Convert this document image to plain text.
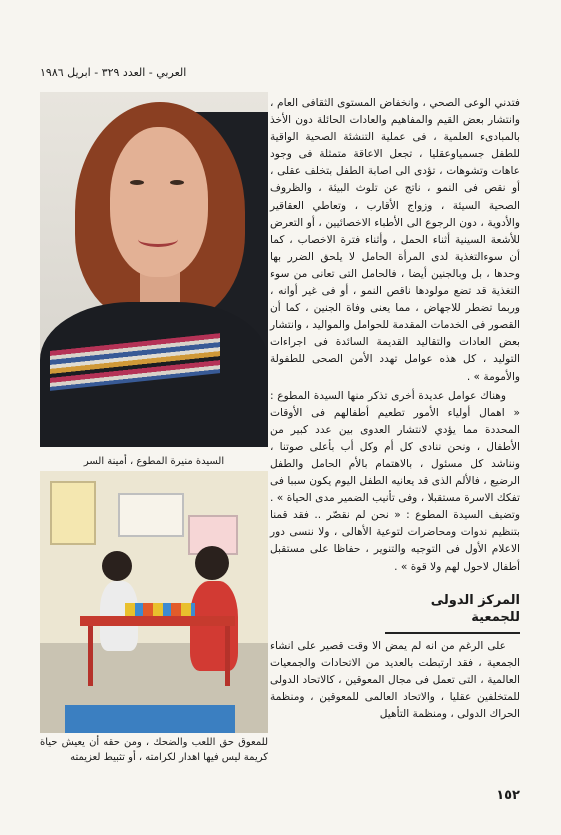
العربي - العدد ٣٢٩ - ابريل ١٩٨٦
السيدة منيرة المطوع ، أمينة السر
للمعوق حق اللعب والضحك ، ومن حقه أن يعيش حياة كريمة ليس فيها اهدار لكرامته ، أو تثبيط لعزيمته

فتدني الوعى الصحي ، وانخفاض المستوى الثقافى العام ، وانتشار بعض القيم والمفاهيم والعادات الحائلة دون الأخذ بالمبادىء العلمية ، فى عملية التنشئة الصحية الواقية للطفل جسمياوعقليا ، تجعل الاعاقة متمثلة فى وجود عاهات وتشوهات ، تؤدى الى اصابة الطفل بتخلف عقلى ، أو نقص فى النمو ، ناتج عن تلوث البيئة ، والظروف الصحية السيئة ، وزواج الأقارب ، وتعاطي العقاقير والأدوية ، دون الرجوع الى الأطباء الاخصائيين ، أو التعرض للأشعة السينية أثناء الحمل ، وأثناء فترة الاخصاب ، كما أن سوءالتغذية لدى المرأة الحامل لا يلحق الضرر بها وحدها ، بل وبالجنين أيضا ، فالحامل التى تعانى من سوء التغذية قد تضع مولودها ناقص النمو ، أو فى غير أوانه ، وربما تضطر للاجهاض ، مما يعنى وفاة الجنين ، كما أن القصور فى الخدمات المقدمة للحوامل والمواليد ، وانتشار بعض العادات والتقاليد القديمة السائدة فى اجراءات التوليد ، كل هذه عوامل تهدد الأمن الصحى للطفولة والأمومة » .

وهناك عوامل عديدة أخرى تذكر منها السيدة المطوع : « اهمال أولياء الأمور تطعيم أطفالهم فى الأوقات المحددة مما يؤدي لانتشار العدوى بين عدد كبير من الأطفال ، ونحن ننادى كل أم وكل أب بأعلى صوتنا ، ونناشد كل مسئول ، بالاهتمام بالأم الحامل والطفل الرضيع ، فالألم الذى قد يعانيه الطفل اليوم يكون سببا فى تفكك الاسرة مستقبلا ، وفى تأنيب الضمير مدى الحياة » . وتضيف السيدة المطوع : « نحن لم نقصّر .. فقد قمنا بتنظيم ندوات ومحاضرات لتوعية الأهالى ، ولا ننسى دور الاعلام الأول فى التوجيه والتنوير ، حفاظا على مستقبل أطفال لاحول لهم ولا قوة » .

المركز الدولى للجمعية

على الرغم من انه لم يمض الا وقت قصير على انشاء الجمعية ، فقد ارتبطت بالعديد من الاتحادات والجمعيات العالمية ، التى تعمل فى مجال المعوقين ، كالاتحاد الدولى للمتخلفين عقليا ، والاتحاد العالمى للمعوقين ، ومنظمة الحراك الدولى ، ومنظمة التأهيل

١٥٢
